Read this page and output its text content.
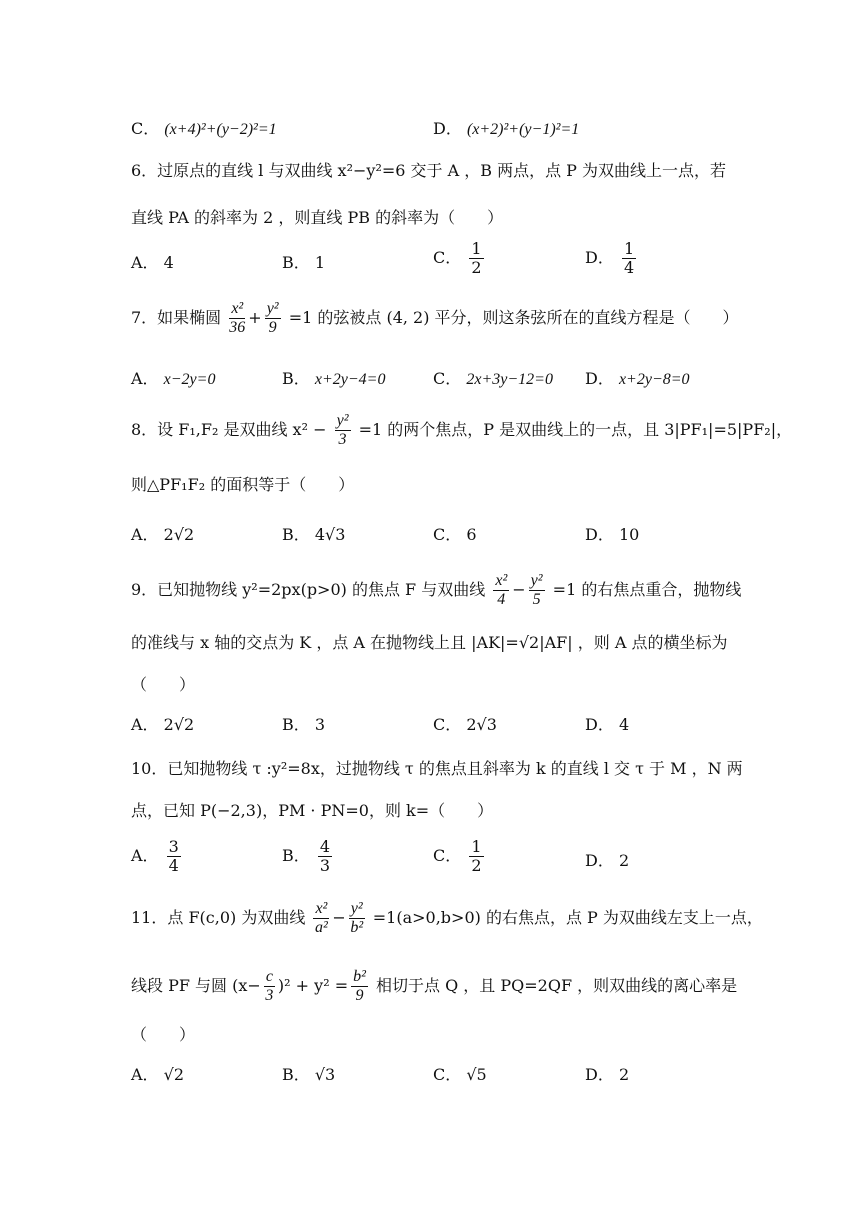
C． (x+4)²+(y−2)²=1	D． (x+2)²+(y−1)²=1
6．过原点的直线 l 与双曲线 x²−y²=6 交于 A ，B 两点，点 P 为双曲线上一点，若
直线 PA 的斜率为 2 ，则直线 PB 的斜率为（　　）
A． 4	B． 1	C． $\frac{1}{2}$	D． $\frac{1}{4}$
7．如果椭圆 $\frac{\text{x²}}{36} + \frac{\text{y²}}{9} =1$ 的弦被点 (4, 2) 平分，则这条弦所在的直线方程是（　　）
A． x−2y=0	B． x+2y−4=0	C． 2x+3y−12=0 D． x+2y−8=0
8．设 F₁,F₂ 是双曲线 $x^2 - \frac{\text{y²}}{3} =1$ 的两个焦点，P 是双曲线上的一点，且 3|PF₁|=5|PF₂|，
则△PF₁F₂ 的面积等于（　　）
A． 2√2	B． 4√3	C． 6	D． 10
9．已知抛物线 y²=2px(p>0) 的焦点 F 与双曲线 $\frac{\text{x²}}{4} - \frac{\text{y²}}{5} =1$ 的右焦点重合，抛物线
的准线与 x 轴的交点为 K ，点 A 在抛物线上且 |AK|=√2|AF| ，则 A 点的横坐标为
（　　）
A． 2√2	B． 3	C． 2√3	D． 4
10．已知抛物线 τ :y²=8x，过抛物线 τ 的焦点且斜率为 k 的直线 l 交 τ 于 M ，N 两
点，已知 P(−2,3)，PM · PN=0，则 k=（　　）
A． $\frac{3}{4}$	B． $\frac{4}{3}$	C． $\frac{1}{2}$	D． 2
11．点 F(c,0) 为双曲线 $\frac{\text{x²}}{\text{a²}} - \frac{\text{y²}}{\text{b²}} =1(a>0,b>0)$ 的右焦点，点 P 为双曲线左支上一点，
线段 PF 与圆 $(x- \frac{c}{3} )^2 + y^2 = \frac{\text{b²}}{9}$ 相切于点 Q ，且 PQ=2QF ，则双曲线的离心率是
（　　）
A． √2	B． √3	C． √5	D． 2
